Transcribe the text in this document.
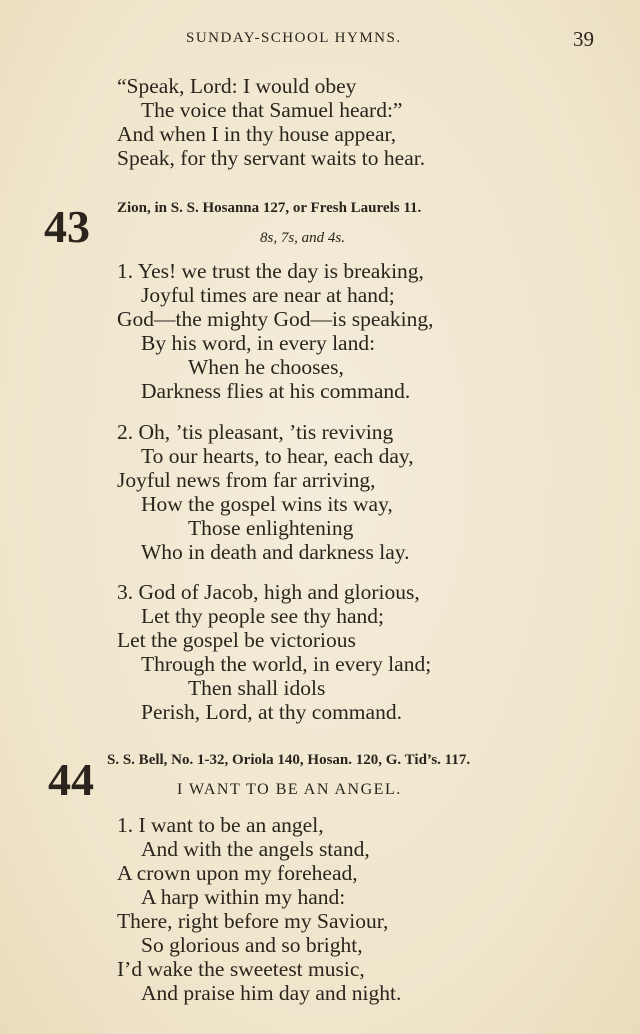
SUNDAY-SCHOOL HYMNS.	39
“Speak, Lord: I would obey
The voice that Samuel heard:”
And when I in thy house appear,
Speak, for thy servant waits to hear.
43 Zion, in S. S. Hosanna 127, or Fresh Laurels 11.
8s, 7s, and 4s.
1. Yes! we trust the day is breaking,
Joyful times are near at hand;
God—the mighty God—is speaking,
By his word, in every land:
When he chooses,
Darkness flies at his command.
2. Oh, ’tis pleasant, ’tis reviving
To our hearts, to hear, each day,
Joyful news from far arriving,
How the gospel wins its way,
Those enlightening
Who in death and darkness lay.
3. God of Jacob, high and glorious,
Let thy people see thy hand;
Let the gospel be victorious
Through the world, in every land;
Then shall idols
Perish, Lord, at thy command.
44 S. S. Bell, No. 1-32, Oriola 140, Hosan. 120, G. Tid’s. 117.
I WANT TO BE AN ANGEL.
1. I want to be an angel,
And with the angels stand,
A crown upon my forehead,
A harp within my hand:
There, right before my Saviour,
So glorious and so bright,
I’d wake the sweetest music,
And praise him day and night.
